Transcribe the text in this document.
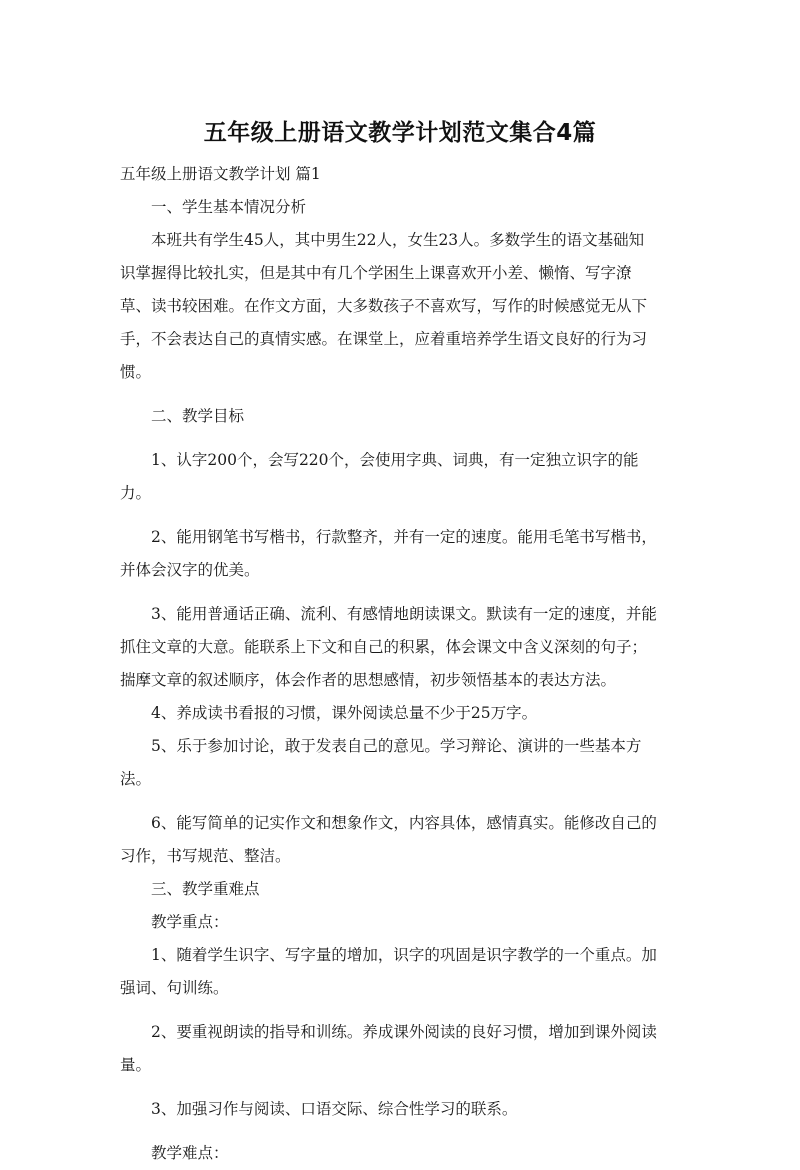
五年级上册语文教学计划范文集合4篇
五年级上册语文教学计划 篇1
一、学生基本情况分析
本班共有学生45人，其中男生22人，女生23人。多数学生的语文基础知
识掌握得比较扎实，但是其中有几个学困生上课喜欢开小差、懒惰、写字潦
草、读书较困难。在作文方面，大多数孩子不喜欢写，写作的时候感觉无从下
手，不会表达自己的真情实感。在课堂上，应着重培养学生语文良好的行为习
惯。
二、教学目标
1、认字200个，会写220个，会使用字典、词典，有一定独立识字的能
力。
2、能用钢笔书写楷书，行款整齐，并有一定的速度。能用毛笔书写楷书，
并体会汉字的优美。
3、能用普通话正确、流利、有感情地朗读课文。默读有一定的速度，并能
抓住文章的大意。能联系上下文和自己的积累，体会课文中含义深刻的句子；
揣摩文章的叙述顺序，体会作者的思想感情，初步领悟基本的表达方法。
4、养成读书看报的习惯，课外阅读总量不少于25万字。
5、乐于参加讨论，敢于发表自己的意见。学习辩论、演讲的一些基本方
法。
6、能写简单的记实作文和想象作文，内容具体，感情真实。能修改自己的
习作，书写规范、整洁。
三、教学重难点
教学重点：
1、随着学生识字、写字量的增加，识字的巩固是识字教学的一个重点。加
强词、句训练。
2、要重视朗读的指导和训练。养成课外阅读的良好习惯，增加到课外阅读
量。
3、加强习作与阅读、口语交际、综合性学习的联系。
教学难点：
